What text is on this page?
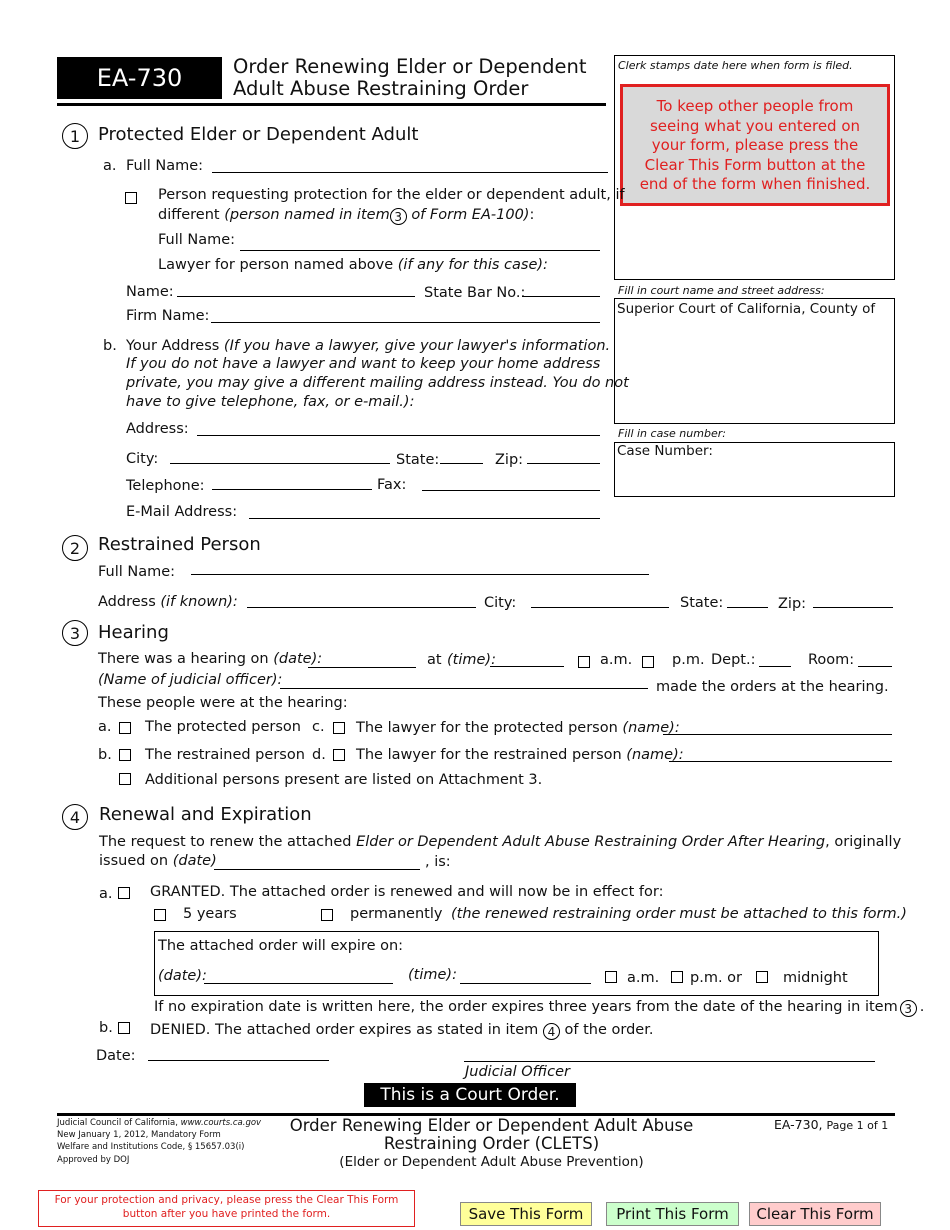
EA-730	Order Renewing Elder or Dependent
Adult Abuse Restraining Order
Clerk stamps date here when form is filed.
To keep other people from seeing what you entered on your form, please press the Clear This Form button at the end of the form when finished.
Fill in court name and street address:
Superior Court of California, County of
Fill in case number:
Case Number:
1 Protected Elder or Dependent Adult
a. Full Name:
Person requesting protection for the elder or dependent adult, if
different (person named in item 3 of Form EA-100):
Full Name:
Lawyer for person named above (if any for this case):
Name:	State Bar No.:
Firm Name:
b. Your Address (If you have a lawyer, give your lawyer's information.
If you do not have a lawyer and want to keep your home address
private, you may give a different mailing address instead. You do not
have to give telephone, fax, or e-mail.):
Address:
City:	State:	Zip:
Telephone:	Fax:
E-Mail Address:
2 Restrained Person
Full Name:
Address (if known):	City:	State:	Zip:
3 Hearing
There was a hearing on (date):	at (time):	a.m.	p.m. Dept.:	Room:
(Name of judicial officer):	made the orders at the hearing.
These people were at the hearing:
a. The protected person c. The lawyer for the protected person (name):
b. The restrained person d. The lawyer for the restrained person (name):
Additional persons present are listed on Attachment 3.
4	Renewal and Expiration
The request to renew the attached Elder or Dependent Adult Abuse Restraining Order After Hearing, originally
issued on (date)	, is:
a.	GRANTED. The attached order is renewed and will now be in effect for:
5 years	permanently (the renewed restraining order must be attached to this form.)
The attached order will expire on:
(date):	(time):	a.m. p.m. or	midnight
If no expiration date is written here, the order expires three years from the date of the hearing in item 3 .
b.	DENIED. The attached order expires as stated in item 4 of the order.
Date:
Judicial Officer
This is a Court Order.
Judicial Council of California, www.courts.ca.gov
New January 1, 2012, Mandatory Form
Welfare and Institutions Code, § 15657.03(i)
Approved by DOJ
Order Renewing Elder or Dependent Adult Abuse
Restraining Order (CLETS)
(Elder or Dependent Adult Abuse Prevention)
EA-730, Page 1 of 1
For your protection and privacy, please press the Clear This Form button after you have printed the form.	Save This Form	Print This Form	Clear This Form
